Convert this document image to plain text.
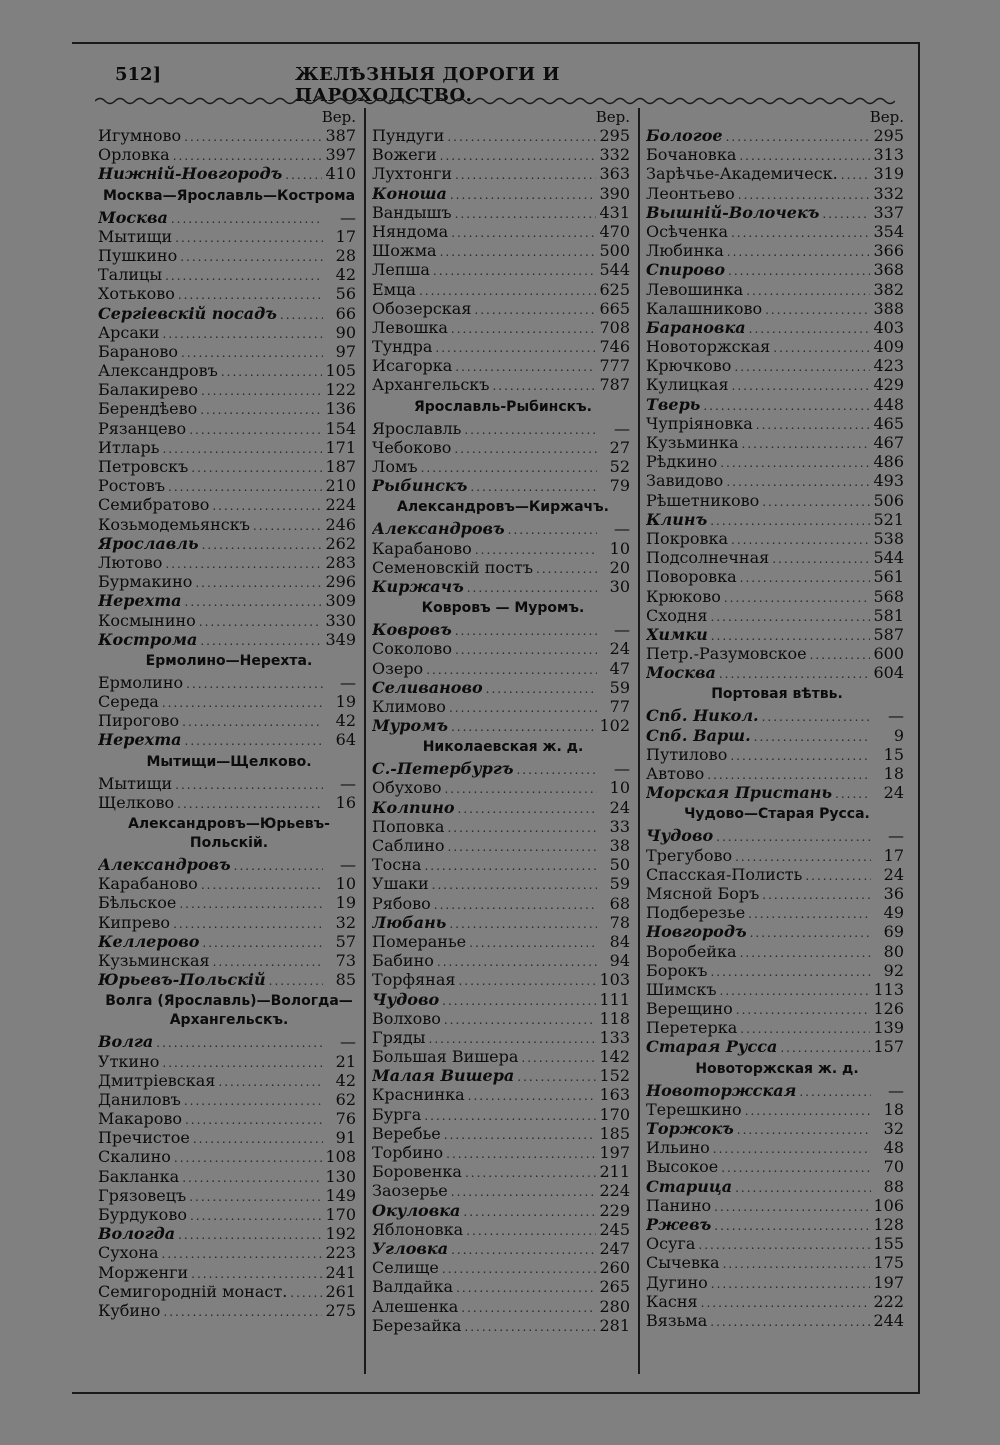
512]	ЖЕЛѢЗНЫЯ ДОРОГИ И ПАРОХОДСТВО.
Вер.
Игумново .....	387
Орловка .....	397
Нижній-Новгородъ .....	410
Москва—Ярославль—Кострома
Москва .....	—
Мытищи .....	17
Пушкино .....	28
Талицы .....	42
Хотьково .....	56
Сергіевскій посадъ .....	66
Арсаки .....	90
Бараново .....	97
Александровъ .....	105
Балакирево .....	122
Берендѣево .....	136
Рязанцево .....	154
Итларь .....	171
Петровскъ .....	187
Ростовъ .....	210
Семибратово .....	224
Козьмодемьянскъ .....	246
Ярославль .....	262
Лютово .....	283
Бурмакино .....	296
Нерехта .....	309
Космынино .....	330
Кострома .....	349
Ермолино—Нерехта.
Ермолино .....	—
Середа .....	19
Пирогово .....	42
Нерехта .....	64
Мытищи—Щелково.
Мытищи .....	—
Щелково .....	16
Александровъ—Юрьевъ-Польскій.
Александровъ .....	—
Карабаново .....	10
Бѣльское .....	19
Кипрево .....	32
Келлерово .....	57
Кузьминская .....	73
Юрьевъ-Польскій .....	85
Волга (Ярославль)—Вологда—Архангельскъ.
Волга .....	—
Уткино .....	21
Дмитріевская .....	42
Даниловъ .....	62
Макарово .....	76
Пречистое .....	91
Скалино .....	108
Бакланка .....	130
Грязовецъ .....	149
Бурдуково .....	170
Вологда .....	192
Сухона .....	223
Морженги .....	241
Семигородній монаст. ..... 261
Кубино .....	275
Вер.
Пундуги .....	295
Вожеги .....	332
Лухтонги .....	363
Коноша .....	390
Вандышъ .....	431
Няндома .....	470
Шожма .....	500
Лепша .....	544
Емца .....	625
Обозерская .....	665
Левошка .....	708
Тундра .....	746
Исагорка .....	777
Архангельскъ .....	787
Ярославль-Рыбинскъ.
Ярославль .....	—
Чебоково .....	27
Ломъ .....	52
Рыбинскъ .....	79
Александровъ—Киржачъ.
Александровъ .....	—
Карабаново .....	10
Семеновскій постъ .....	20
Киржачъ .....	30
Ковровъ — Муромъ.
Ковровъ .....	—
Соколово .....	24
Озеро .....	47
Селиваново .....	59
Климово .....	77
Муромъ .....	102
Николаевская ж. д.
С.-Петербургъ .....	—
Обухово .....	10
Колпино .....	24
Поповка .....	33
Саблино .....	38
Тосна .....	50
Ушаки .....	59
Рябово .....	68
Любань .....	78
Померанье .....	84
Бабино .....	94
Торфяная .....	103
Чудово .....	111
Волхово .....	118
Гряды .....	133
Большая Вишера .....	142
Малая Вишера .....	152
Краснинка .....	163
Бурга .....	170
Веребье .....	185
Торбино .....	197
Боровенка .....	211
Заозерье .....	224
Окуловка .....	229
Яблоновка .....	245
Угловка .....	247
Селище .....	260
Валдайка .....	265
Алешенка .....	280
Березайка .....	281
Вер.
Бологое .....	295
Бочановка .....	313
Зарѣчье-Академическ. ..... 319
Леонтьево .....	332
Вышній-Волочекъ .....	337
Осѣченка .....	354
Любинка .....	366
Спирово .....	368
Левошинка .....	382
Калашниково .....	388
Барановка .....	403
Новоторжская .....	409
Крючково .....	423
Кулицкая .....	429
Тверь .....	448
Чупріяновка .....	465
Кузьминка .....	467
Рѣдкино .....	486
Завидово .....	493
Рѣшетниково .....	506
Клинъ .....	521
Покровка .....	538
Подсолнечная .....	544
Поворовка .....	561
Крюково .....	568
Сходня .....	581
Химки .....	587
Петр.-Разумовское .....	600
Москва .....	604
Портовая вѣтвь.
Спб. Никол. .....	—
Спб. Варш. .....	9
Путилово .....	15
Автово .....	18
Морская Пристань .....	24
Чудово—Старая Русса.
Чудово .....	—
Трегубово .....	17
Спасская-Полисть .....	24
Мясной Боръ .....	36
Подберезье .....	49
Новгородъ .....	69
Воробейка .....	80
Борокъ .....	92
Шимскъ .....	113
Верещино .....	126
Перетерка .....	139
Старая Русса .....	157
Новоторжская ж. д.
Новоторжская .....	—
Терешкино .....	18
Торжокъ .....	32
Ильино .....	48
Высокое .....	70
Старица .....	88
Панино .....	106
Ржевъ .....	128
Осуга .....	155
Сычевка .....	175
Дугино .....	197
Касня .....	222
Вязьма .....	244
